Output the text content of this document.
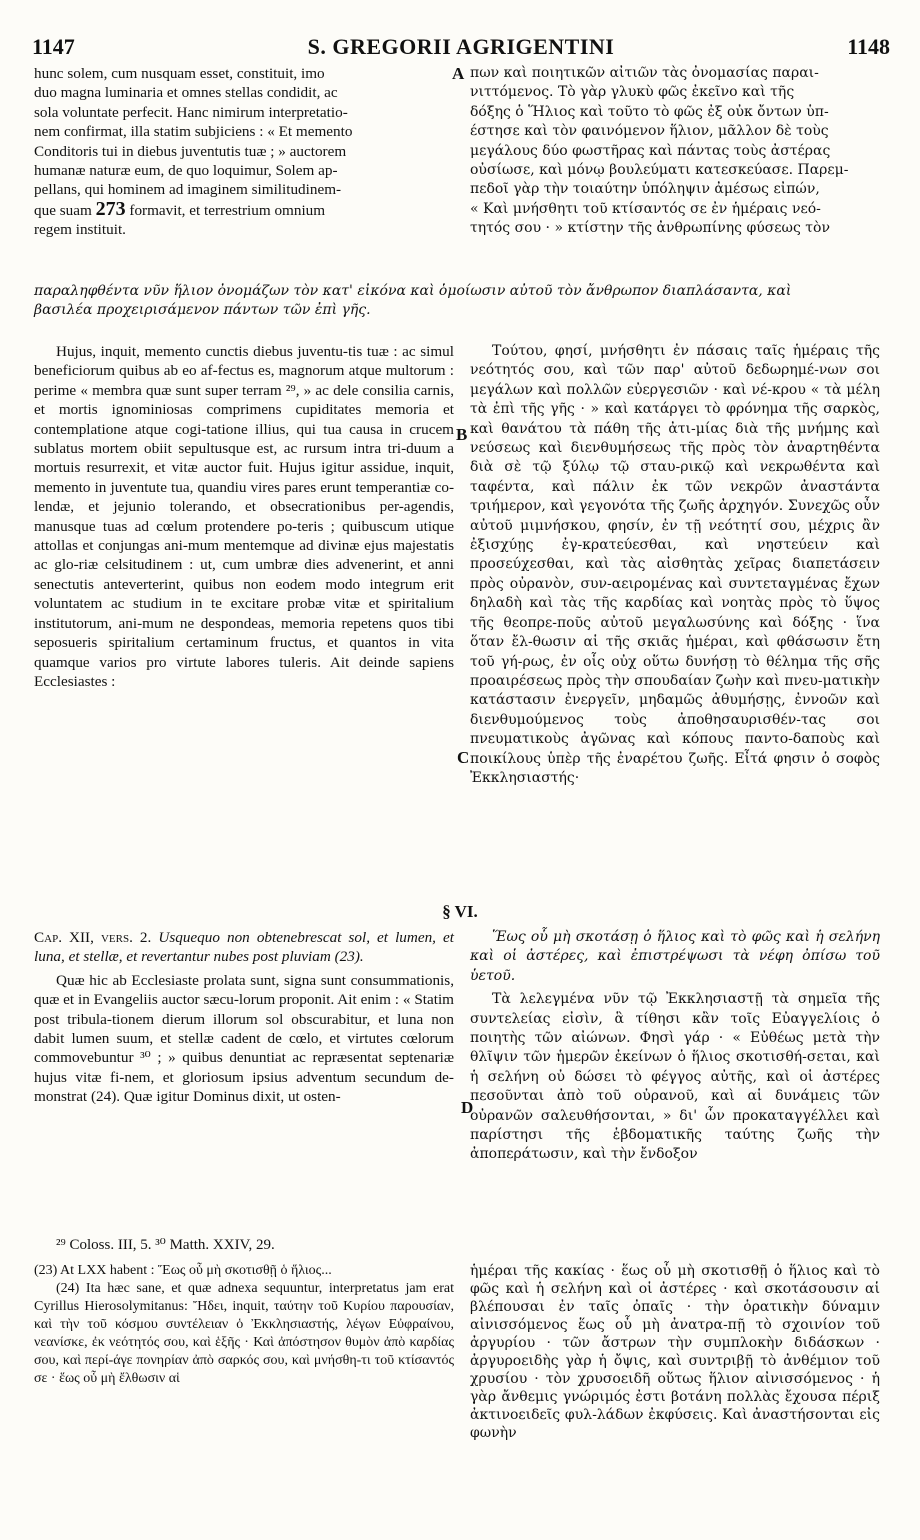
S. GREGORII AGRIGENTINI
1147	1148

hunc solem, cum nusquam esset, constituit, imo

duo magna luminaria et omnes stellas condidit, ac

sola voluntate perfecit. Hanc nimirum interpretatio-

nem confirmat, illa statim subjiciens : « Et memento

Conditoris tui in diebus juventutis tuæ ; » auctorem

humanæ naturæ eum, de quo loquimur, Solem ap-

pellans, qui hominem ad imaginem similitudinem-

que suam 273 formavit, et terrestrium omnium

regem instituit.

A πων καὶ ποιητικῶν αἰτιῶν τὰς ὀνομασίας παραι-

νιττόμενος. Τὸ γὰρ γλυκὺ φῶς ἐκεῖνο καὶ τῆς

δόξης ὁ Ἥλιος καὶ τοῦτο τὸ φῶς ἐξ οὐκ ὄντων ὑπ-

έστησε καὶ τὸν φαινόμενον ἥλιον, μᾶλλον δὲ τοὺς

μεγάλους δύο φωστῆρας καὶ πάντας τοὺς ἀστέρας

οὐσίωσε, καὶ μόνῳ βουλεύματι κατεσκεύασε. Παρεμ-

πεδοῖ γὰρ τὴν τοιαύτην ὑπόληψιν ἀμέσως εἰπών,

« Καὶ μνήσθητι τοῦ κτίσαντός σε ἐν ἡμέραις νεό-

τητός σου · » κτίστην τῆς ἀνθρωπίνης φύσεως τὸν

παραληφθέντα νῦν ἥλιον ὀνομάζων τὸν κατ' εἰκόνα καὶ ὁμοίωσιν αὐτοῦ τὸν ἄνθρωπον διαπλάσαντα, καὶ

βασιλέα προχειρισάμενον πάντων τῶν ἐπὶ γῆς.

Hujus, inquit, memento cunctis diebus juventu-tis tuæ : ac simul beneficiorum quibus ab eo af-fectus es, magnorum atque multorum : perime « membra quæ sunt super terram ²⁹, » ac dele consilia carnis, et mortis ignominiosas comprimens cupiditates memoria et contemplatione atque cogi-tatione illius, qui tua causa in crucem sublatus mortem obiit sepultusque est, ac rursum intra tri-duum a mortuis resurrexit, et vitæ auctor fuit. Hujus igitur assidue, inquit, memento in juventute tua, quandiu vires pares erunt temperantiæ co-lendæ, et jejunio tolerando, et obsecrationibus per-agendis, manusque tuas ad cœlum protendere po-teris ; quibuscum utique attollas et conjungas ani-mum mentemque ad divinæ ejus majestatis ac glo-riæ celsitudinem : ut, cum umbræ dies advenerint, et anni senectutis anteverterint, quibus non eodem modo integrum erit voluntatem ac studium in te excitare probæ vitæ et spiritalium institutorum, ani-mum ne despondeas, memoria repetens quos tibi seposueris spiritalium certaminum fructus, et quantos in vita quamque varios pro virtute labores tuleris. Ait deinde sapiens Ecclesiastes :

B

Τούτου, φησί, μνήσθητι ἐν πάσαις ταῖς ἡμέραις τῆς νεότητός σου, καὶ τῶν παρ' αὐτοῦ δεδωρημέ-νων σοι μεγάλων καὶ πολλῶν εὐεργεσιῶν · καὶ νέ-κρου « τὰ μέλη τὰ ἐπὶ τῆς γῆς · » καὶ κατάργει τὸ φρόνημα τῆς σαρκὸς, καὶ θανάτου τὰ πάθη τῆς ἀτι-μίας διὰ τῆς μνήμης καὶ νεύσεως καὶ διενθυμήσεως τῆς πρὸς τὸν ἀναρτηθέντα διὰ σὲ τῷ ξύλῳ τῷ σταυ-ρικῷ καὶ νεκρωθέντα καὶ ταφέντα, καὶ πάλιν ἐκ τῶν νεκρῶν ἀναστάντα τριήμερον, καὶ γεγονότα τῆς ζωῆς ἀρχηγόν. Συνεχῶς οὖν αὐτοῦ μιμνήσκου, φησίν, ἐν τῇ νεότητί σου, μέχρις ἂν ἐξισχύῃς ἐγ-κρατεύεσθαι, καὶ νηστεύειν καὶ προσεύχεσθαι, καὶ τὰς αἰσθητὰς χεῖρας διαπετάσειν πρὸς οὐρανὸν, συν-αειρομένας καὶ συντεταγμένας ἔχων δηλαδὴ καὶ τὰς τῆς καρδίας καὶ νοητὰς πρὸς τὸ ὕψος τῆς θεοπρε-ποῦς αὐτοῦ μεγαλωσύνης καὶ δόξης · ἵνα ὅταν ἔλ-θωσιν αἱ τῆς σκιᾶς ἡμέραι, καὶ φθάσωσιν ἔτη τοῦ γή-ρως, ἐν οἷς οὐχ οὕτω δυνήσῃ τὸ θέλημα τῆς σῆς προαιρέσεως πρὸς τὴν σπουδαίαν ζωὴν καὶ πνευ-ματικὴν κατάστασιν ἐνεργεῖν, μηδαμῶς ἀθυμήσῃς, ἐννοῶν καὶ διενθυμούμενος τοὺς ἀποθησαυρισθέν-τας σοι πνευματικοὺς ἀγῶνας καὶ κόπους παντο-δαποὺς καὶ ποικίλους ὑπὲρ τῆς ἐναρέτου ζωῆς. Εἶτά φησιν ὁ σοφὸς Ἐκκλησιαστής·

C
§ VI.

Cap. XII, vers. 2. Usquequo non obtenebrescat sol, et lumen, et luna, et stellæ, et revertantur nubes post pluviam (23).

Quæ hic ab Ecclesiaste prolata sunt, signa sunt consummationis, quæ et in Evangeliis auctor sæcu-lorum proponit. Ait enim : « Statim post tribula-tionem dierum illorum sol obscurabitur, et luna non dabit lumen suum, et stellæ cadent de cœlo, et virtutes cœlorum commovebuntur ³⁰ ; » quibus denuntiat ac repræsentat septenariæ hujus vitæ fi-nem, et gloriosum ipsius adventum secundum de-monstrat (24). Quæ igitur Dominus dixit, ut osten-

D

Ἕως οὗ μὴ σκοτάσῃ ὁ ἥλιος καὶ τὸ φῶς καὶ ἡ σελήνη καὶ οἱ ἀστέρες, καὶ ἐπιστρέψωσι τὰ νέφη ὀπίσω τοῦ ὑετοῦ.

Τὰ λελεγμένα νῦν τῷ Ἐκκλησιαστῇ τὰ σημεῖα τῆς συντελείας εἰσὶν, ἃ τίθησι κἂν τοῖς Εὐαγγελίοις ὁ ποιητὴς τῶν αἰώνων. Φησὶ γάρ · « Εὐθέως μετὰ τὴν θλῖψιν τῶν ἡμερῶν ἐκείνων ὁ ἥλιος σκοτισθή-σεται, καὶ ἡ σελήνη οὐ δώσει τὸ φέγγος αὐτῆς, καὶ οἱ ἀστέρες πεσοῦνται ἀπὸ τοῦ οὐρανοῦ, καὶ αἱ δυνάμεις τῶν οὐρανῶν σαλευθήσονται, » δι' ὧν προκαταγγέλλει καὶ παρίστησι τῆς ἑβδοματικῆς ταύτης ζωῆς τὴν ἀποπεράτωσιν, καὶ τὴν ἔνδοξον

²⁹ Coloss. III, 5. ³⁰ Matth. XXIV, 29.

(23) At LXX habent : Ἕως οὗ μὴ σκοτισθῇ ὁ ἥλιος...

(24) Ita hæc sane, et quæ adnexa sequuntur, interpretatus jam erat Cyrillus Hierosolymitanus: Ἤδει, inquit, ταύτην τοῦ Κυρίου παρουσίαν, καὶ τὴν τοῦ κόσμου συντέλειαν ὁ Ἐκκλησιαστής, λέγων Εὐφραίνου, νεανίσκε, ἐκ νεότητός σου, καὶ ἑξῆς · Καὶ ἀπόστησον θυμὸν ἀπὸ καρδίας σου, καὶ περί-άγε πονηρίαν ἀπὸ σαρκός σου, καὶ μνήσθη-τι τοῦ κτίσαντός σε · ἕως οὗ μὴ ἔλθωσιν αἱ

ἡμέραι τῆς κακίας · ἕως οὗ μὴ σκοτισθῇ ὁ ἥλιος καὶ τὸ φῶς καὶ ἡ σελήνη καὶ οἱ ἀστέρες · καὶ σκοτάσουσιν αἱ βλέπουσαι ἐν ταῖς ὀπαῖς · τὴν ὁρατικὴν δύναμιν αἰνισσόμενος ἕως οὗ μὴ ἀνατρα-πῇ τὸ σχοινίον τοῦ ἀργυρίου · τῶν ἄστρων τὴν συμπλοκὴν διδάσκων · ἀργυροειδὴς γὰρ ἡ ὄψις, καὶ συντριβῇ τὸ ἀνθέμιον τοῦ χρυσίου · τὸν χρυσοειδῆ οὕτως ἥλιον αἰνισσόμενος · ἡ γὰρ ἄνθεμις γνώριμός ἐστι βοτάνη πολλὰς ἔχουσα πέριξ ἀκτινοειδεῖς φυλ-λάδων ἐκφύσεις. Καὶ ἀναστήσονται εἰς φωνὴν
